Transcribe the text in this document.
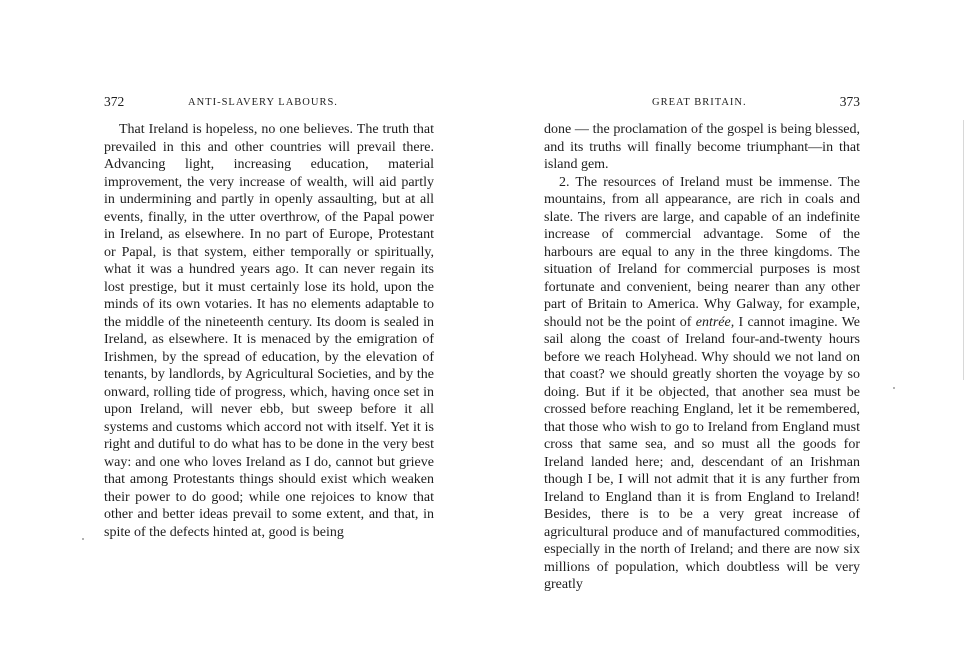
372	ANTI-SLAVERY LABOURS.

That Ireland is hopeless, no one believes. The truth that prevailed in this and other countries will prevail there. Advancing light, increasing education, material improvement, the very increase of wealth, will aid partly in undermining and partly in openly assaulting, but at all events, finally, in the utter overthrow, of the Papal power in Ireland, as elsewhere. In no part of Europe, Protestant or Papal, is that system, either temporally or spiritually, what it was a hundred years ago. It can never regain its lost prestige, but it must certainly lose its hold, upon the minds of its own votaries. It has no elements adaptable to the middle of the nineteenth century. Its doom is sealed in Ireland, as elsewhere. It is menaced by the emigration of Irishmen, by the spread of education, by the elevation of tenants, by landlords, by Agricultural Societies, and by the onward, rolling tide of progress, which, having once set in upon Ireland, will never ebb, but sweep before it all systems and customs which accord not with itself. Yet it is right and dutiful to do what has to be done in the very best way: and one who loves Ireland as I do, cannot but grieve that among Protestants things should exist which weaken their power to do good; while one rejoices to know that other and better ideas prevail to some extent, and that, in spite of the defects hinted at, good is being

GREAT BRITAIN.	373

done — the proclamation of the gospel is being blessed, and its truths will finally become triumphant—in that island gem.

2. The resources of Ireland must be immense. The mountains, from all appearance, are rich in coals and slate. The rivers are large, and capable of an indefinite increase of commercial advantage. Some of the harbours are equal to any in the three kingdoms. The situation of Ireland for commercial purposes is most fortunate and convenient, being nearer than any other part of Britain to America. Why Galway, for example, should not be the point of entrée, I cannot imagine. We sail along the coast of Ireland four-and-twenty hours before we reach Holyhead. Why should we not land on that coast? we should greatly shorten the voyage by so doing. But if it be objected, that another sea must be crossed before reaching England, let it be remembered, that those who wish to go to Ireland from England must cross that same sea, and so must all the goods for Ireland landed here; and, descendant of an Irishman though I be, I will not admit that it is any further from Ireland to England than it is from England to Ireland! Besides, there is to be a very great increase of agricultural produce and of manufactured commodities, especially in the north of Ireland; and there are now six millions of population, which doubtless will be very greatly
